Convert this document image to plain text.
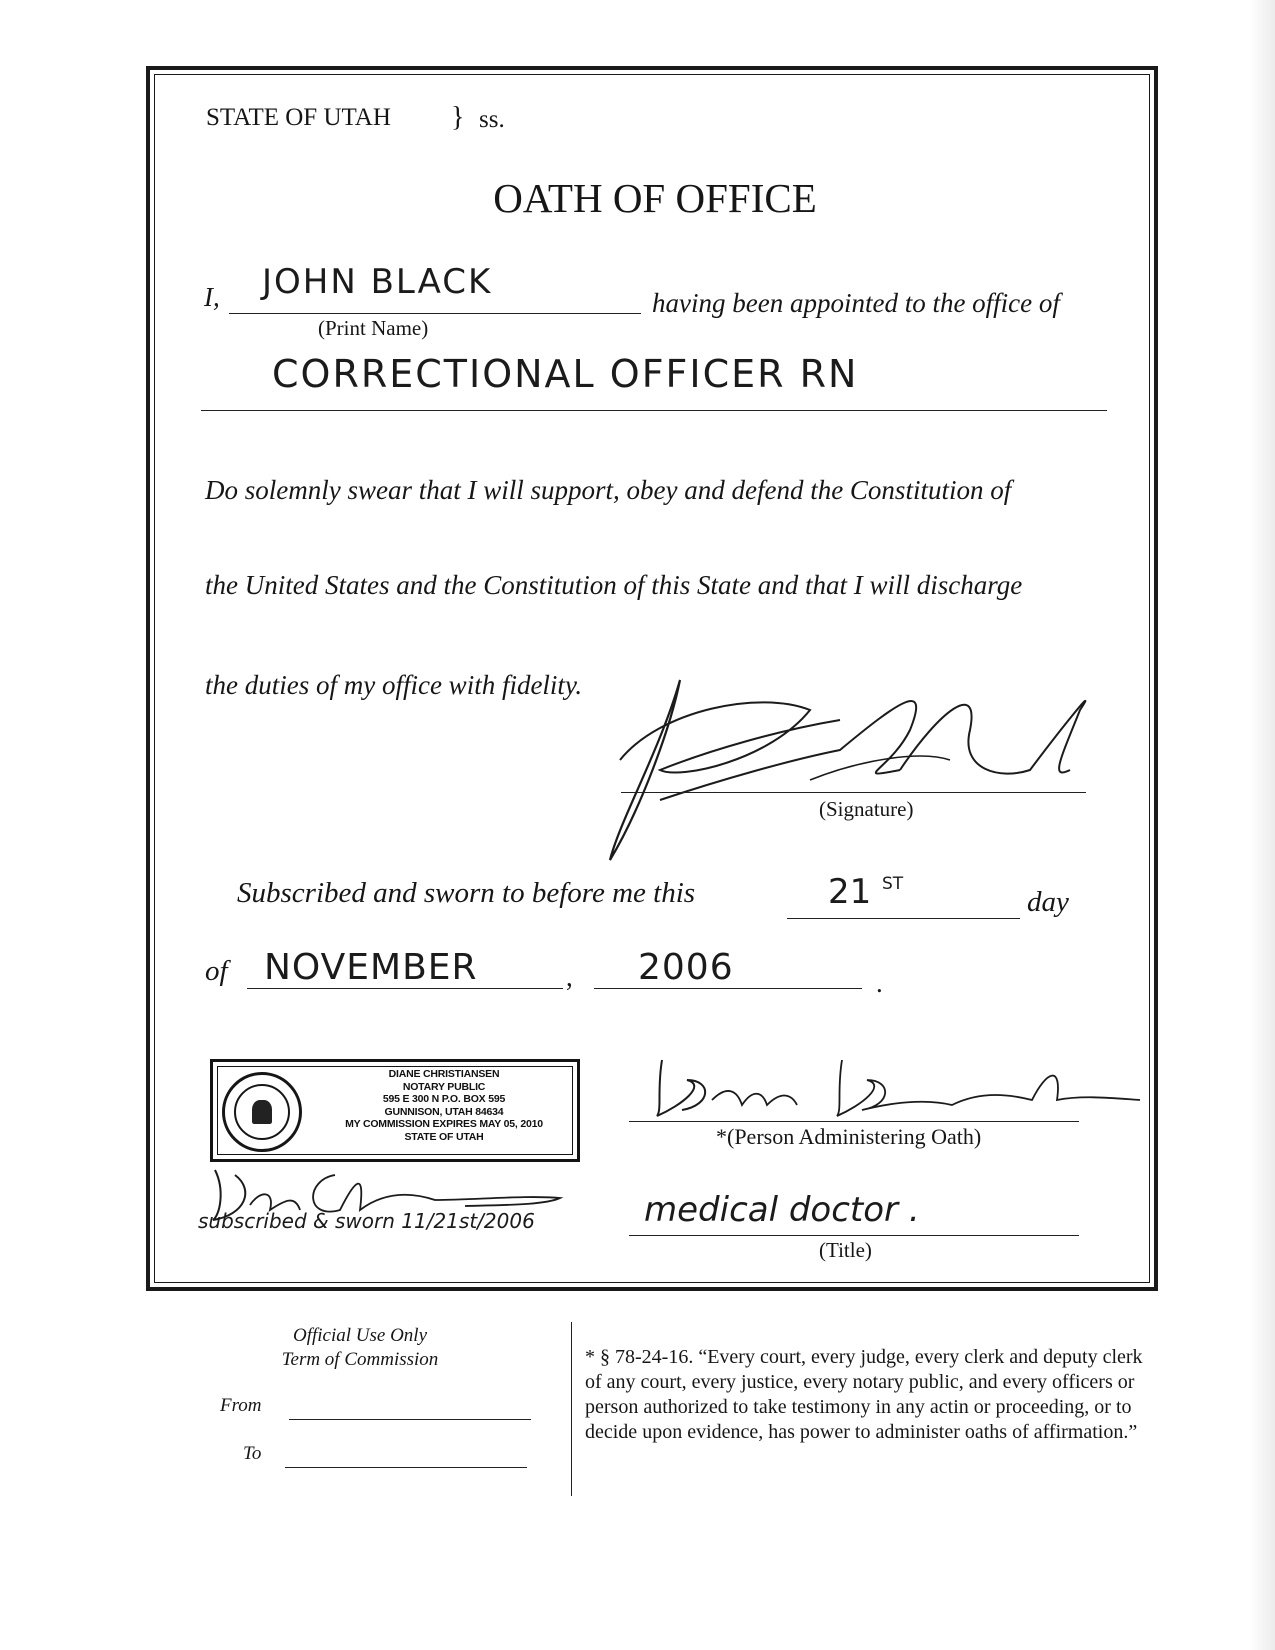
STATE OF UTAH } ss.
OATH OF OFFICE
I, JOHN BLACK
(Print Name)
having been appointed to the office of
CORRECTIONAL OFFICER RN
Do solemnly swear that I will support, obey and defend the Constitution of
the United States and the Constitution of this State and that I will discharge
the duties of my office with fidelity.
(Signature)
Subscribed and sworn to before me this	21 ST
day
of NOVEMBER	, 2006	.
DIANE CHRISTIANSEN
NOTARY PUBLIC
595 E 300 N P.O. BOX 595
GUNNISON, UTAH 84634
MY COMMISSION EXPIRES MAY 05, 2010
STATE OF UTAH
subscribed & sworn 11/21st/2006
*(Person Administering Oath)
medical doctor .
(Title)
Official Use Only
Term of Commission
From
To
* § 78-24-16. “Every court, every judge, every clerk and deputy clerk of any court, every justice, every notary public, and every officers or person authorized to take testimony in any actin or proceeding, or to decide upon evidence, has power to administer oaths of affirmation.”
